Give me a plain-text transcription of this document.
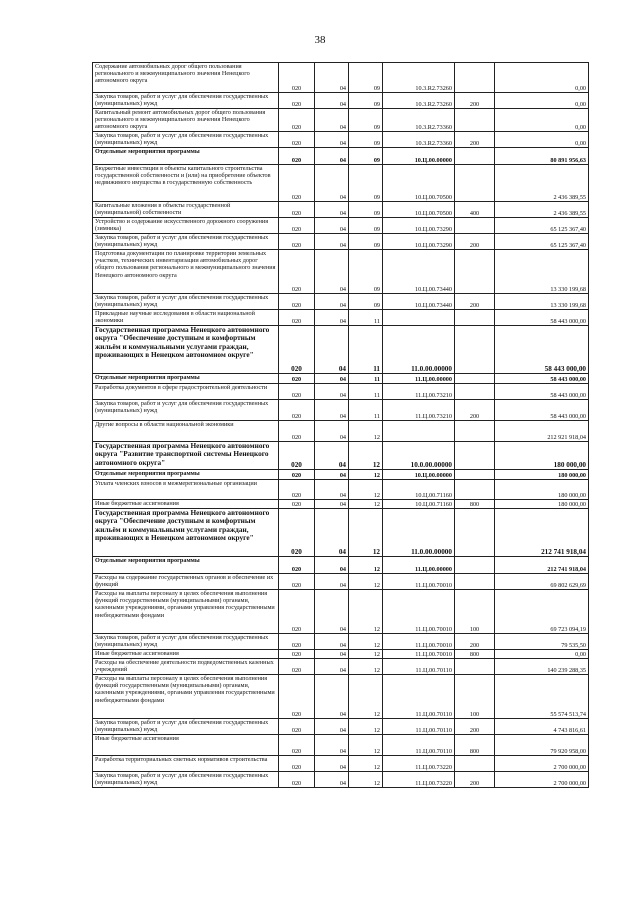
38
Содержание автомобильных дорог общего пользования регионального и межмуниципального значения Ненецкого автономного округа	020	04	09	10.3.R2.73260		0,00
Закупка товаров, работ и услуг для обеспечения государственных (муниципальных) нужд	020	04	09	10.3.R2.73260	200	0,00
Капитальный ремонт автомобильных дорог общего пользования регионального и межмуниципального значения Ненецкого автономного округа	020	04	09	10.3.R2.73360		0,00
Закупка товаров, работ и услуг для обеспечения государственных (муниципальных) нужд	020	04	09	10.3.R2.73360	200	0,00
Отдельные мероприятия программы	020	04	09	10.Ц.00.00000		80 891 956,63
Бюджетные инвестиции в объекты капитального строительства государственной собственности и (или) на приобретение объектов недвижимого имущества в государственную собственность	020	04	09	10.Ц.00.70500		2 436 389,55
Капитальные вложения в объекты государственной (муниципальной) собственности	020	04	09	10.Ц.00.70500	400	2 436 389,55
Устройство и содержание искусственного дорожного сооружения (зимника)	020	04	09	10.Ц.00.73290		65 125 367,40
Закупка товаров, работ и услуг для обеспечения государственных (муниципальных) нужд	020	04	09	10.Ц.00.73290	200	65 125 367,40
Подготовка документации по планировке территории земельных участков, технических инвентаризации автомобильных дорог общего пользования регионального и межмуниципального значения Ненецкого автономного округа	020	04	09	10.Ц.00.73440		13 330 199,68
Закупка товаров, работ и услуг для обеспечения государственных (муниципальных) нужд	020	04	09	10.Ц.00.73440	200	13 330 199,68
Прикладные научные исследования в области национальной экономики	020	04	11			58 443 000,00
Государственная программа Ненецкого автономного округа "Обеспечение доступным и комфортным жильём и коммунальными услугами граждан, проживающих в Ненецком автономном округе"	020	04	11	11.0.00.00000		58 443 000,00
Отдельные мероприятия программы	020	04	11	11.Ц.00.00000		58 443 000,00
Разработка документов в сфере градостроительной деятельности	020	04	11	11.Ц.00.73210		58 443 000,00
Закупка товаров, работ и услуг для обеспечения государственных (муниципальных) нужд	020	04	11	11.Ц.00.73210	200	58 443 000,00
Другие вопросы в области национальной экономики	020	04	12			212 921 918,04
Государственная программа Ненецкого автономного округа "Развитие транспортной системы Ненецкого автономного округа"	020	04	12	10.0.00.00000		180 000,00
Отдельные мероприятия программы	020	04	12	10.Ц.00.00000		180 000,00
Уплата членских взносов в межмерегиональные организации	020	04	12	10.Ц.00.71160		180 000,00
Иные бюджетные ассигнования	020	04	12	10.Ц.00.71160	800	180 000,00
Государственная программа Ненецкого автономного округа "Обеспечение доступным и комфортным жильём и коммунальными услугами граждан, проживающих в Ненецком автономном округе"	020	04	12	11.0.00.00000		212 741 918,04
Отдельные мероприятия программы	020	04	12	11.Ц.00.00000		212 741 918,04
Расходы на содержание государственных органов и обеспечение их функций	020	04	12	11.Ц.00.70010		69 802 629,69
Расходы на выплаты персоналу в целях обеспечения выполнения функций государственными (муниципальными) органами, казенными учреждениями, органами управления государственными внебюджетными фондами	020	04	12	11.Ц.00.70010	100	69 723 094,19
Закупка товаров, работ и услуг для обеспечения государственных (муниципальных) нужд	020	04	12	11.Ц.00.70010	200	79 535,50
Иные бюджетные ассигнования	020	04	12	11.Ц.00.70010	800	0,00
Расходы на обеспечение деятельности подведомственных казенных учреждений	020	04	12	11.Ц.00.70110		140 239 288,35
Расходы на выплаты персоналу в целях обеспечения выполнения функций государственными (муниципальными) органами, казенными учреждениями, органами управления государственными внебюджетными фондами	020	04	12	11.Ц.00.70110	100	55 574 513,74
Закупка товаров, работ и услуг для обеспечения государственных (муниципальных) нужд	020	04	12	11.Ц.00.70110	200	4 743 816,61
Иные бюджетные ассигнования	020	04	12	11.Ц.00.70110	800	79 920 958,00
Разработка территориальных сметных нормативов строительства	020	04	12	11.Ц.00.73220		2 700 000,00
Закупка товаров, работ и услуг для обеспечения государственных (муниципальных) нужд	020	04	12	11.Ц.00.73220	200	2 700 000,00
